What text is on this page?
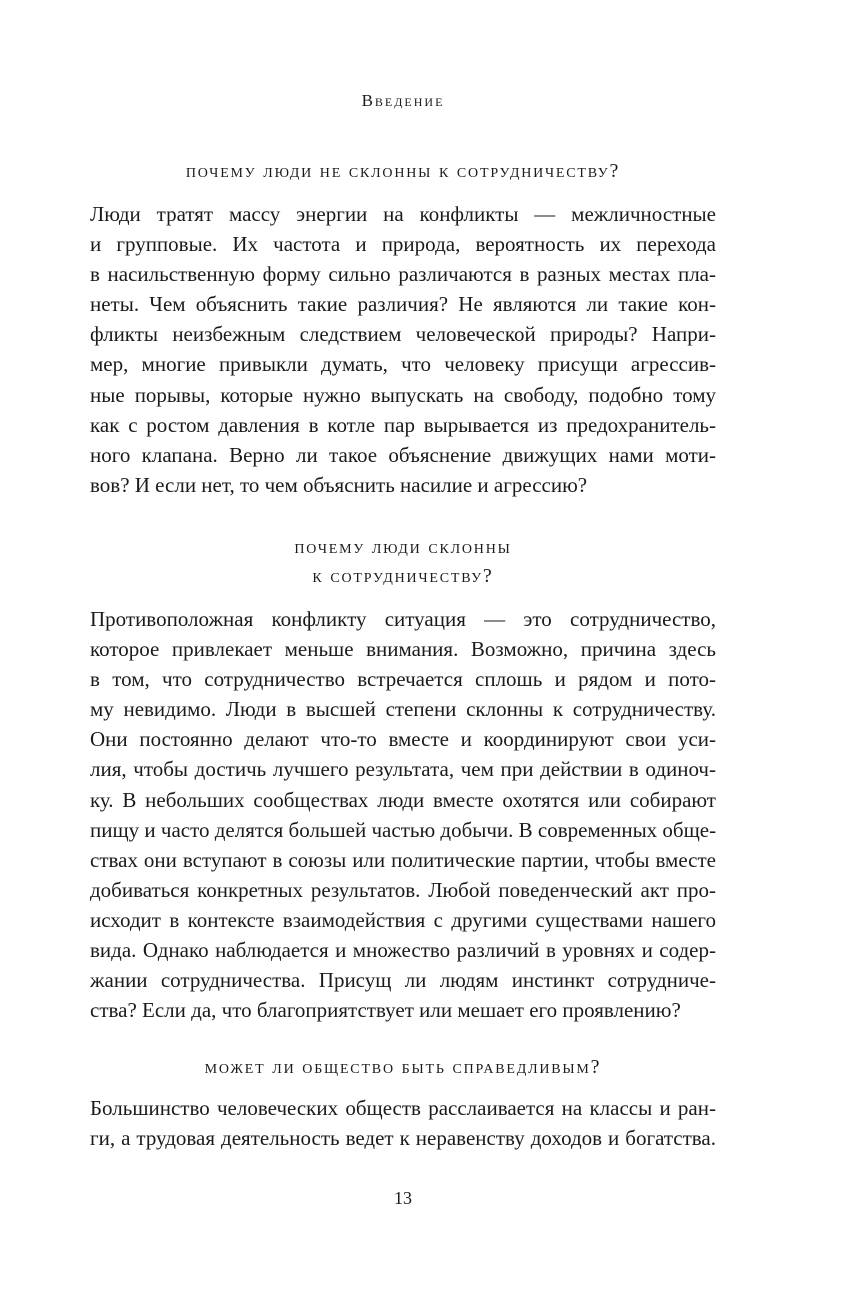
Введение
почему люди не склонны к сотрудничеству?
Люди тратят массу энергии на конфликты — межличностные
и групповые. Их частота и природа, вероятность их перехода
в насильственную форму сильно различаются в разных местах пла-
неты. Чем объяснить такие различия? Не являются ли такие кон-
фликты неизбежным следствием человеческой природы? Напри-
мер, многие привыкли думать, что человеку присущи агрессив-
ные порывы, которые нужно выпускать на свободу, подобно тому
как с ростом давления в котле пар вырывается из предохранитель-
ного клапана. Верно ли такое объяснение движущих нами моти-
вов? И если нет, то чем объяснить насилие и агрессию?
почему люди склонны
к сотрудничеству?
Противоположная конфликту ситуация — это сотрудничество,
которое привлекает меньше внимания. Возможно, причина здесь
в том, что сотрудничество встречается сплошь и рядом и пото-
му невидимо. Люди в высшей степени склонны к сотрудничеству.
Они постоянно делают что-то вместе и координируют свои уси-
лия, чтобы достичь лучшего результата, чем при действии в одиноч-
ку. В небольших сообществах люди вместе охотятся или собирают
пищу и часто делятся большей частью добычи. В современных обще-
ствах они вступают в союзы или политические партии, чтобы вместе
добиваться конкретных результатов. Любой поведенческий акт про-
исходит в контексте взаимодействия с другими существами нашего
вида. Однако наблюдается и множество различий в уровнях и содер-
жании сотрудничества. Присущ ли людям инстинкт сотрудниче-
ства? Если да, что благоприятствует или мешает его проявлению?
может ли общество быть справедливым?
Большинство человеческих обществ расслаивается на классы и ран-
ги, а трудовая деятельность ведет к неравенству доходов и богатства.
13
